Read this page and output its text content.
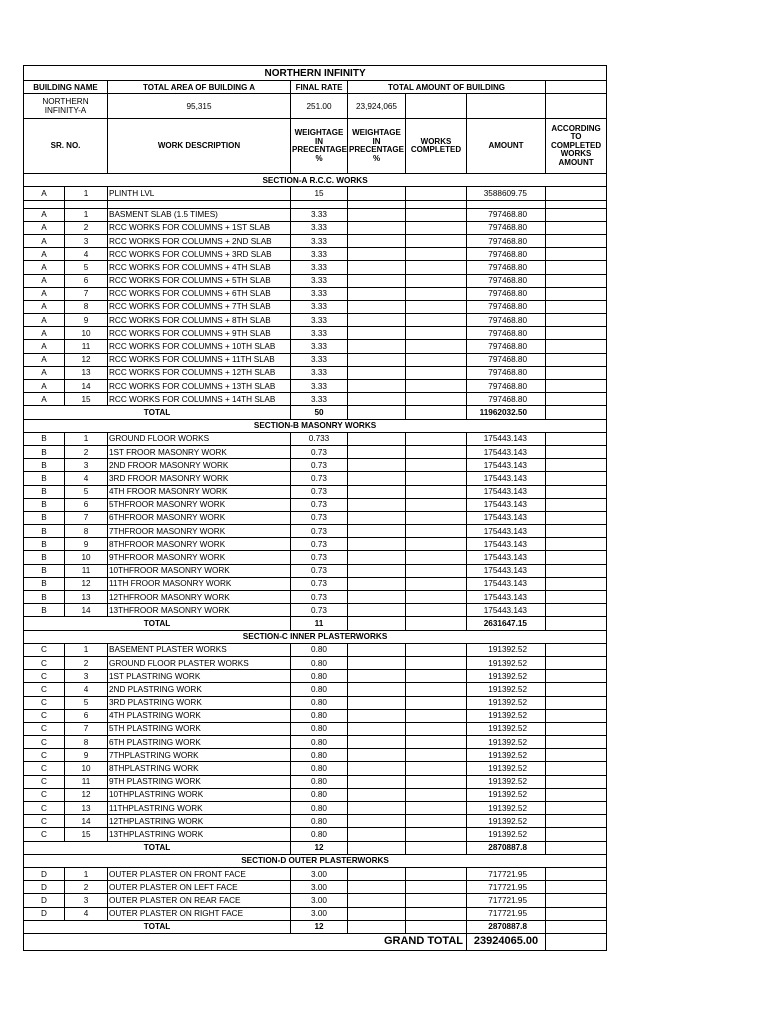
NORTHERN INFINITY							
BUILDING NAME		TOTAL AREA OF BUILDING A	FINAL RATE	TOTAL AMOUNT OF BUILDING			
NORTHERN INFINITY-A		95,315	251.00	23,924,065			
SR. NO.		WORK DESCRIPTION	WEIGHTAGE IN PRECENTAGE %	WEIGHTAGE IN PRECENTAGE %	WORKS COMPLETED	AMOUNT	ACCORDING TO COMPLETED WORKS AMOUNT
SECTION-A R.C.C. WORKS							
A	1	PLINTH LVL	15			3588609.75	

A	1	BASMENT SLAB (1.5 TIMES)	3.33			797468.80	
A	2	RCC WORKS FOR COLUMNS + 1ST SLAB	3.33			797468.80	
A	3	RCC WORKS FOR COLUMNS + 2ND SLAB	3.33			797468.80	
A	4	RCC WORKS FOR COLUMNS + 3RD SLAB	3.33			797468.80	
A	5	RCC WORKS FOR COLUMNS + 4TH SLAB	3.33			797468.80	
A	6	RCC WORKS FOR COLUMNS + 5TH SLAB	3.33			797468.80	
A	7	RCC WORKS FOR COLUMNS + 6TH SLAB	3.33			797468.80	
A	8	RCC WORKS FOR COLUMNS + 7TH SLAB	3.33			797468.80	
A	9	RCC WORKS FOR COLUMNS + 8TH SLAB	3.33			797468.80	
A	10	RCC WORKS FOR COLUMNS + 9TH SLAB	3.33			797468.80	
A	11	RCC WORKS FOR COLUMNS + 10TH SLAB	3.33			797468.80	
A	12	RCC WORKS FOR COLUMNS + 11TH SLAB	3.33			797468.80	
A	13	RCC WORKS FOR COLUMNS + 12TH SLAB	3.33			797468.80	
A	14	RCC WORKS FOR COLUMNS + 13TH SLAB	3.33			797468.80	
A	15	RCC WORKS FOR COLUMNS + 14TH SLAB	3.33			797468.80	
TOTAL			50			11962032.50	
SECTION-B MASONRY WORKS							
B	1	GROUND FLOOR WORKS	0.733			175443.143	
B	2	1ST FROOR MASONRY WORK	0.73			175443.143	
B	3	2ND FROOR MASONRY WORK	0.73			175443.143	
B	4	3RD FROOR MASONRY WORK	0.73			175443.143	
B	5	4TH FROOR MASONRY WORK	0.73			175443.143	
B	6	5THFROOR MASONRY WORK	0.73			175443.143	
B	7	6THFROOR MASONRY WORK	0.73			175443.143	
B	8	7THFROOR MASONRY WORK	0.73			175443.143	
B	9	8THFROOR MASONRY WORK	0.73			175443.143	
B	10	9THFROOR MASONRY WORK	0.73			175443.143	
B	11	10THFROOR MASONRY WORK	0.73			175443.143	
B	12	11TH FROOR MASONRY WORK	0.73			175443.143	
B	13	12THFROOR MASONRY WORK	0.73			175443.143	
B	14	13THFROOR MASONRY WORK	0.73			175443.143	
TOTAL			11			2631647.15	
SECTION-C INNER PLASTERWORKS							
C	1	BASEMENT PLASTER WORKS	0.80			191392.52	
C	2	GROUND FLOOR PLASTER WORKS	0.80			191392.52	
C	3	1ST PLASTRING WORK	0.80			191392.52	
C	4	2ND PLASTRING WORK	0.80			191392.52	
C	5	3RD PLASTRING WORK	0.80			191392.52	
C	6	4TH PLASTRING WORK	0.80			191392.52	
C	7	5TH PLASTRING WORK	0.80			191392.52	
C	8	6TH PLASTRING WORK	0.80			191392.52	
C	9	7THPLASTRING WORK	0.80			191392.52	
C	10	8THPLASTRING WORK	0.80			191392.52	
C	11	9TH PLASTRING WORK	0.80			191392.52	
C	12	10THPLASTRING WORK	0.80			191392.52	
C	13	11THPLASTRING WORK	0.80			191392.52	
C	14	12THPLASTRING WORK	0.80			191392.52	
C	15	13THPLASTRING WORK	0.80			191392.52	
TOTAL			12			2870887.8	
SECTION-D OUTER PLASTERWORKS							
D	1	OUTER PLASTER ON FRONT FACE	3.00			717721.95	
D	2	OUTER PLASTER ON LEFT FACE	3.00			717721.95	
D	3	OUTER PLASTER ON REAR FACE	3.00			717721.95	
D	4	OUTER PLASTER ON RIGHT FACE	3.00			717721.95	
TOTAL			12			2870887.8	
GRAND TOTAL						23924065.00	
